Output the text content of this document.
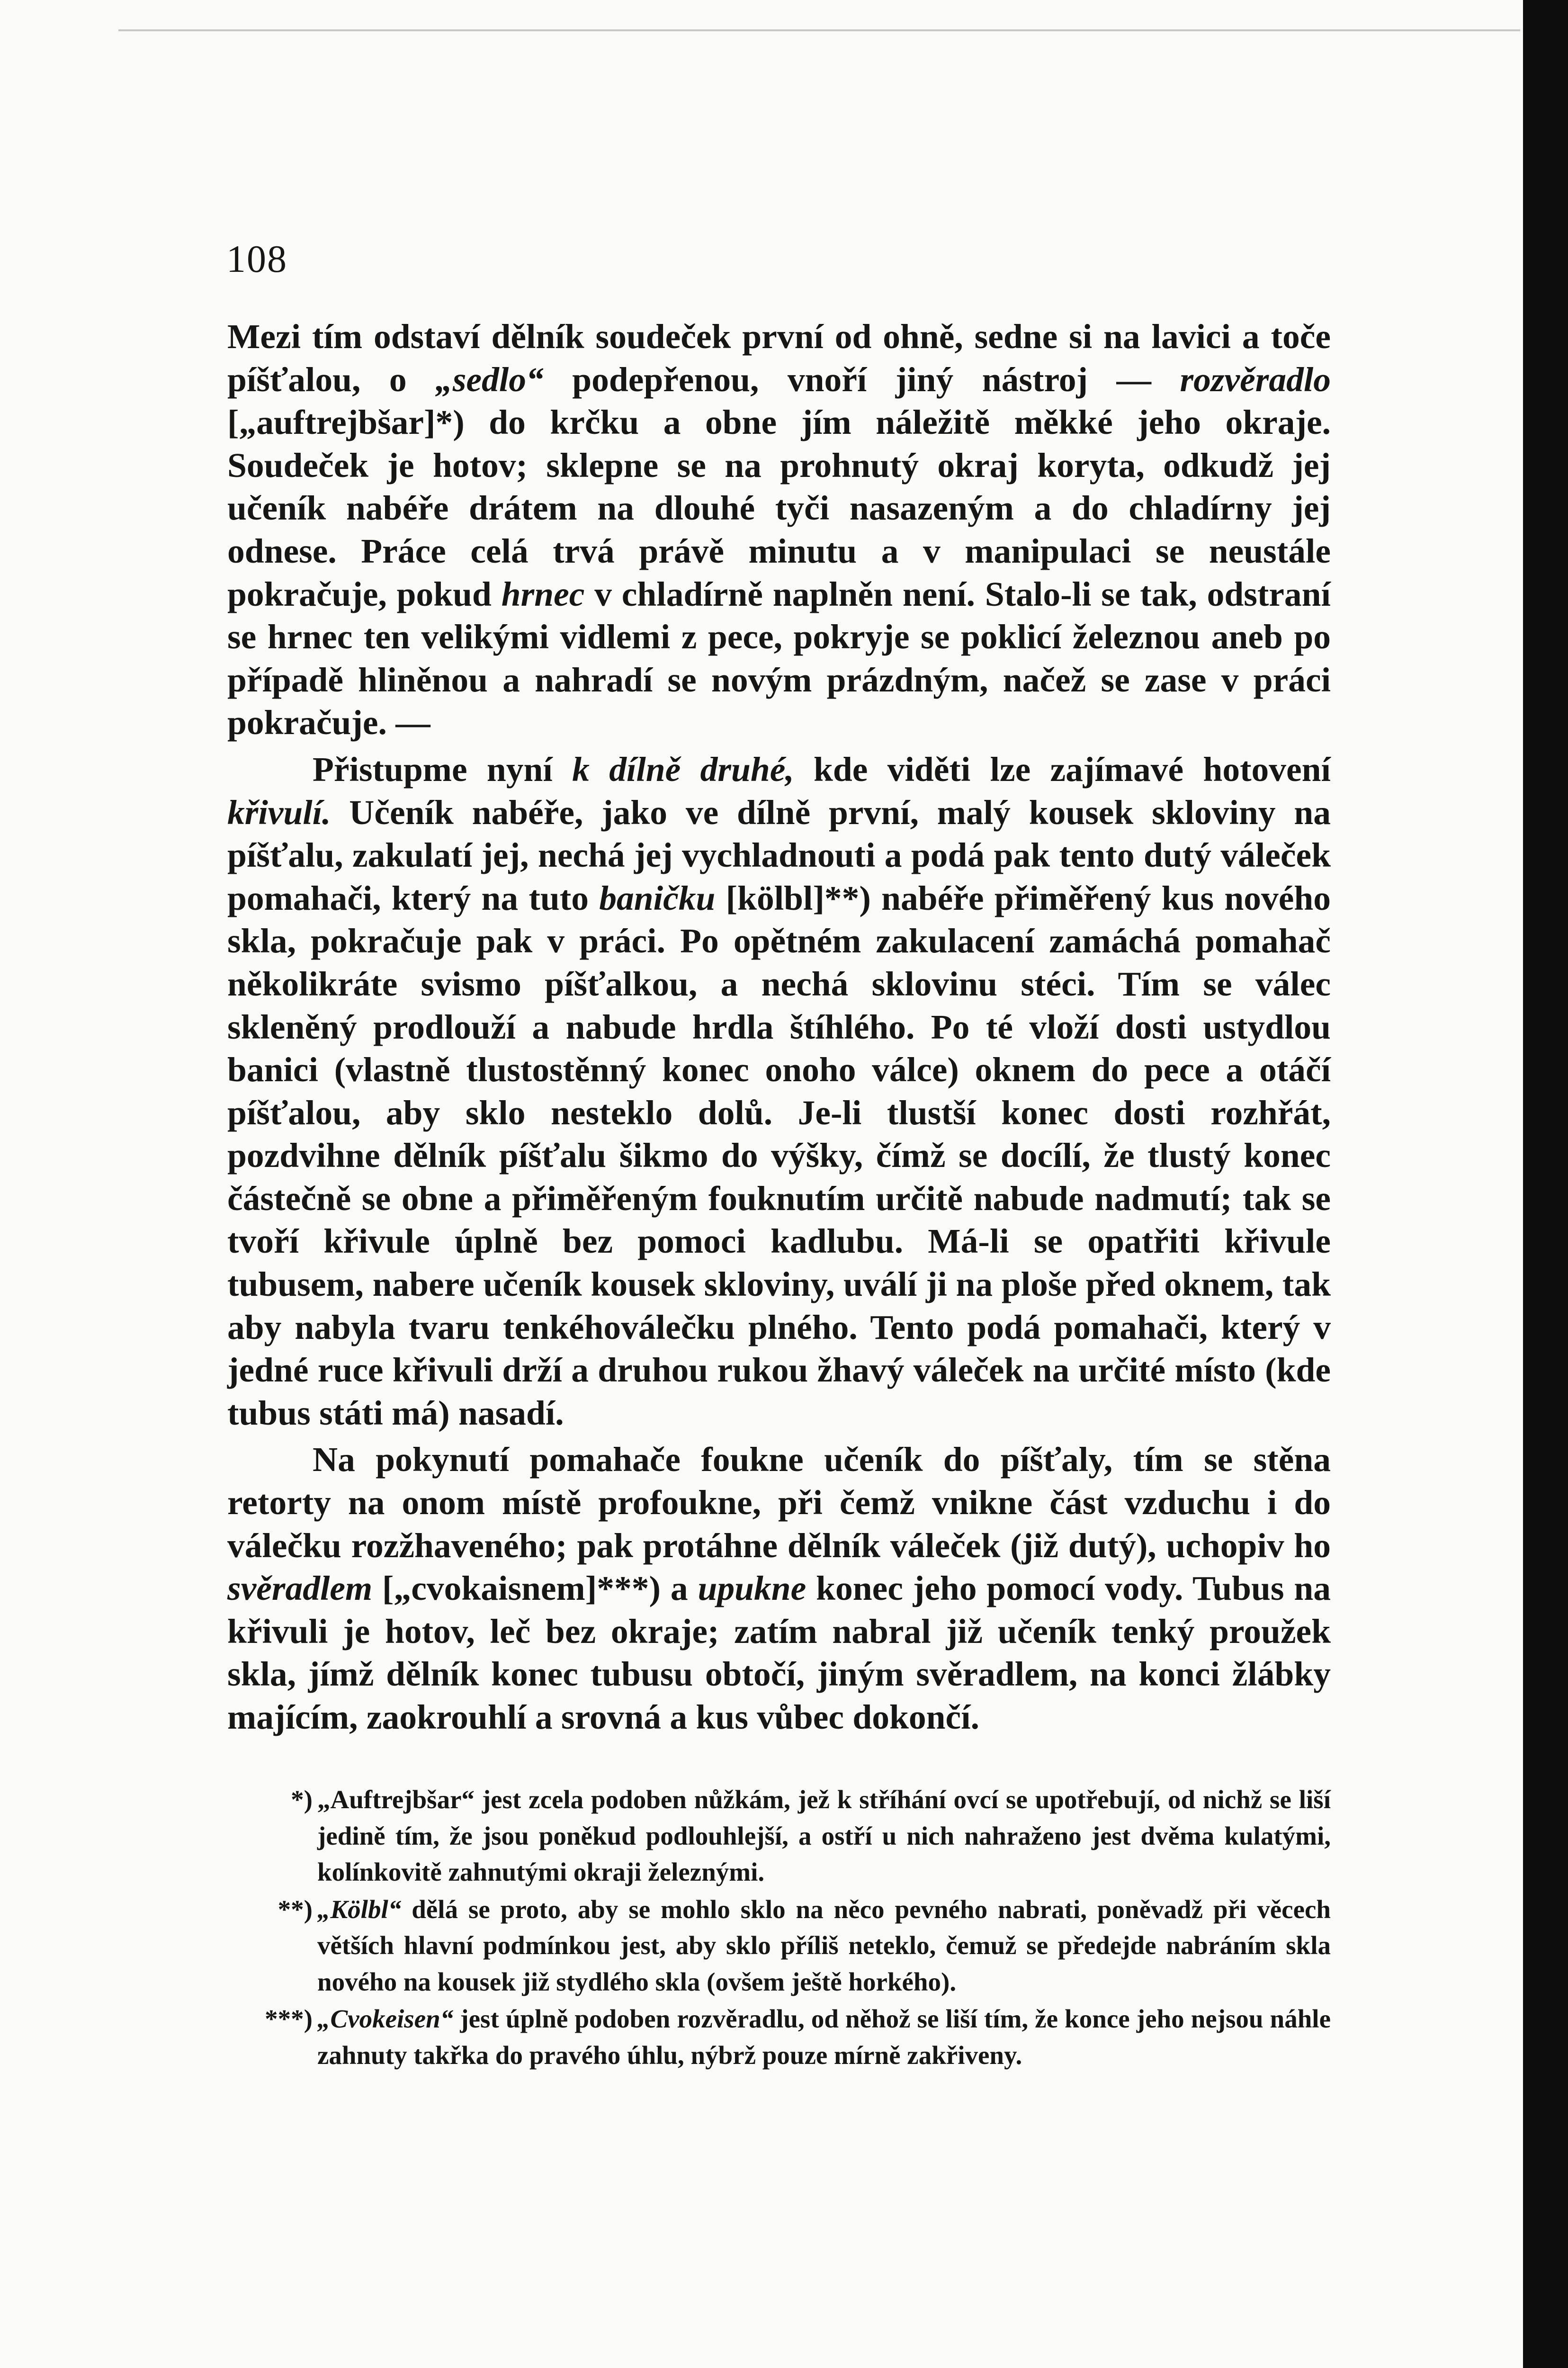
108

Mezi tím odstaví dělník soudeček první od ohně, sedne si na lavici a toče píšťalou, o „sedlo“ podepřenou, vnoří jiný nástroj — rozvěradlo [„auftrejbšar]*) do krčku a obne jím náležitě měkké jeho okraje. Soudeček je hotov; sklepne se na prohnutý okraj koryta, odkudž jej učeník nabéře drátem na dlouhé tyči nasazeným a do chladírny jej odnese. Práce celá trvá právě minutu a v manipulaci se neustále pokračuje, pokud hrnec v chladírně naplněn není. Stalo-li se tak, odstraní se hrnec ten velikými vidlemi z pece, pokryje se poklicí železnou aneb po případě hliněnou a nahradí se novým prázdným, načež se zase v práci pokračuje. —

Přistupme nyní k dílně druhé, kde viděti lze zajímavé hotovení křivulí. Učeník nabéře, jako ve dílně první, malý kousek skloviny na píšťalu, zakulatí jej, nechá jej vychladnouti a podá pak tento dutý váleček pomahači, který na tuto baničku [kölbl]**) nabéře přiměřený kus nového skla, pokračuje pak v práci. Po opětném zakulacení zamáchá pomahač několikráte svismo píšťalkou, a nechá sklovinu stéci. Tím se válec skleněný prodlouží a nabude hrdla štíhlého. Po té vloží dosti ustydlou banici (vlastně tlustostěnný konec onoho válce) oknem do pece a otáčí píšťalou, aby sklo nesteklo dolů. Je-li tlustší konec dosti rozhřát, pozdvihne dělník píšťalu šikmo do výšky, čímž se docílí, že tlustý konec částečně se obne a přiměřeným fouknutím určitě nabude nadmutí; tak se tvoří křivule úplně bez pomoci kadlubu. Má-li se opatřiti křivule tubusem, nabere učeník kousek skloviny, uválí ji na ploše před oknem, tak aby nabyla tvaru tenkéhoválečku plného. Tento podá pomahači, který v jedné ruce křivuli drží a druhou rukou žhavý váleček na určité místo (kde tubus státi má) nasadí.

Na pokynutí pomahače foukne učeník do píšťaly, tím se stěna retorty na onom místě profoukne, při čemž vnikne část vzduchu i do válečku rozžhaveného; pak protáhne dělník váleček (již dutý), uchopiv ho svěradlem [„cvokaisnem]***) a upukne konec jeho pomocí vody. Tubus na křivuli je hotov, leč bez okraje; zatím nabral již učeník tenký proužek skla, jímž dělník konec tubusu obtočí, jiným svěradlem, na konci žlábky majícím, zaokrouhlí a srovná a kus vůbec dokončí.

*) „Auftrejbšar“ jest zcela podoben nůžkám, jež k stříhání ovcí se upotřebují, od nichž se liší jedině tím, že jsou poněkud podlouhlejší, a ostří u nich nahraženo jest dvěma kulatými, kolínkovitě zahnutými okraji železnými.
**) „Kölbl“ dělá se proto, aby se mohlo sklo na něco pevného nabrati, poněvadž při věcech větších hlavní podmínkou jest, aby sklo příliš neteklo, čemuž se předejde nabráním skla nového na kousek již stydlého skla (ovšem ještě horkého).
***) „Cvokeisen“ jest úplně podoben rozvěradlu, od něhož se liší tím, že konce jeho nejsou náhle zahnuty takřka do pravého úhlu, nýbrž pouze mírně zakřiveny.
